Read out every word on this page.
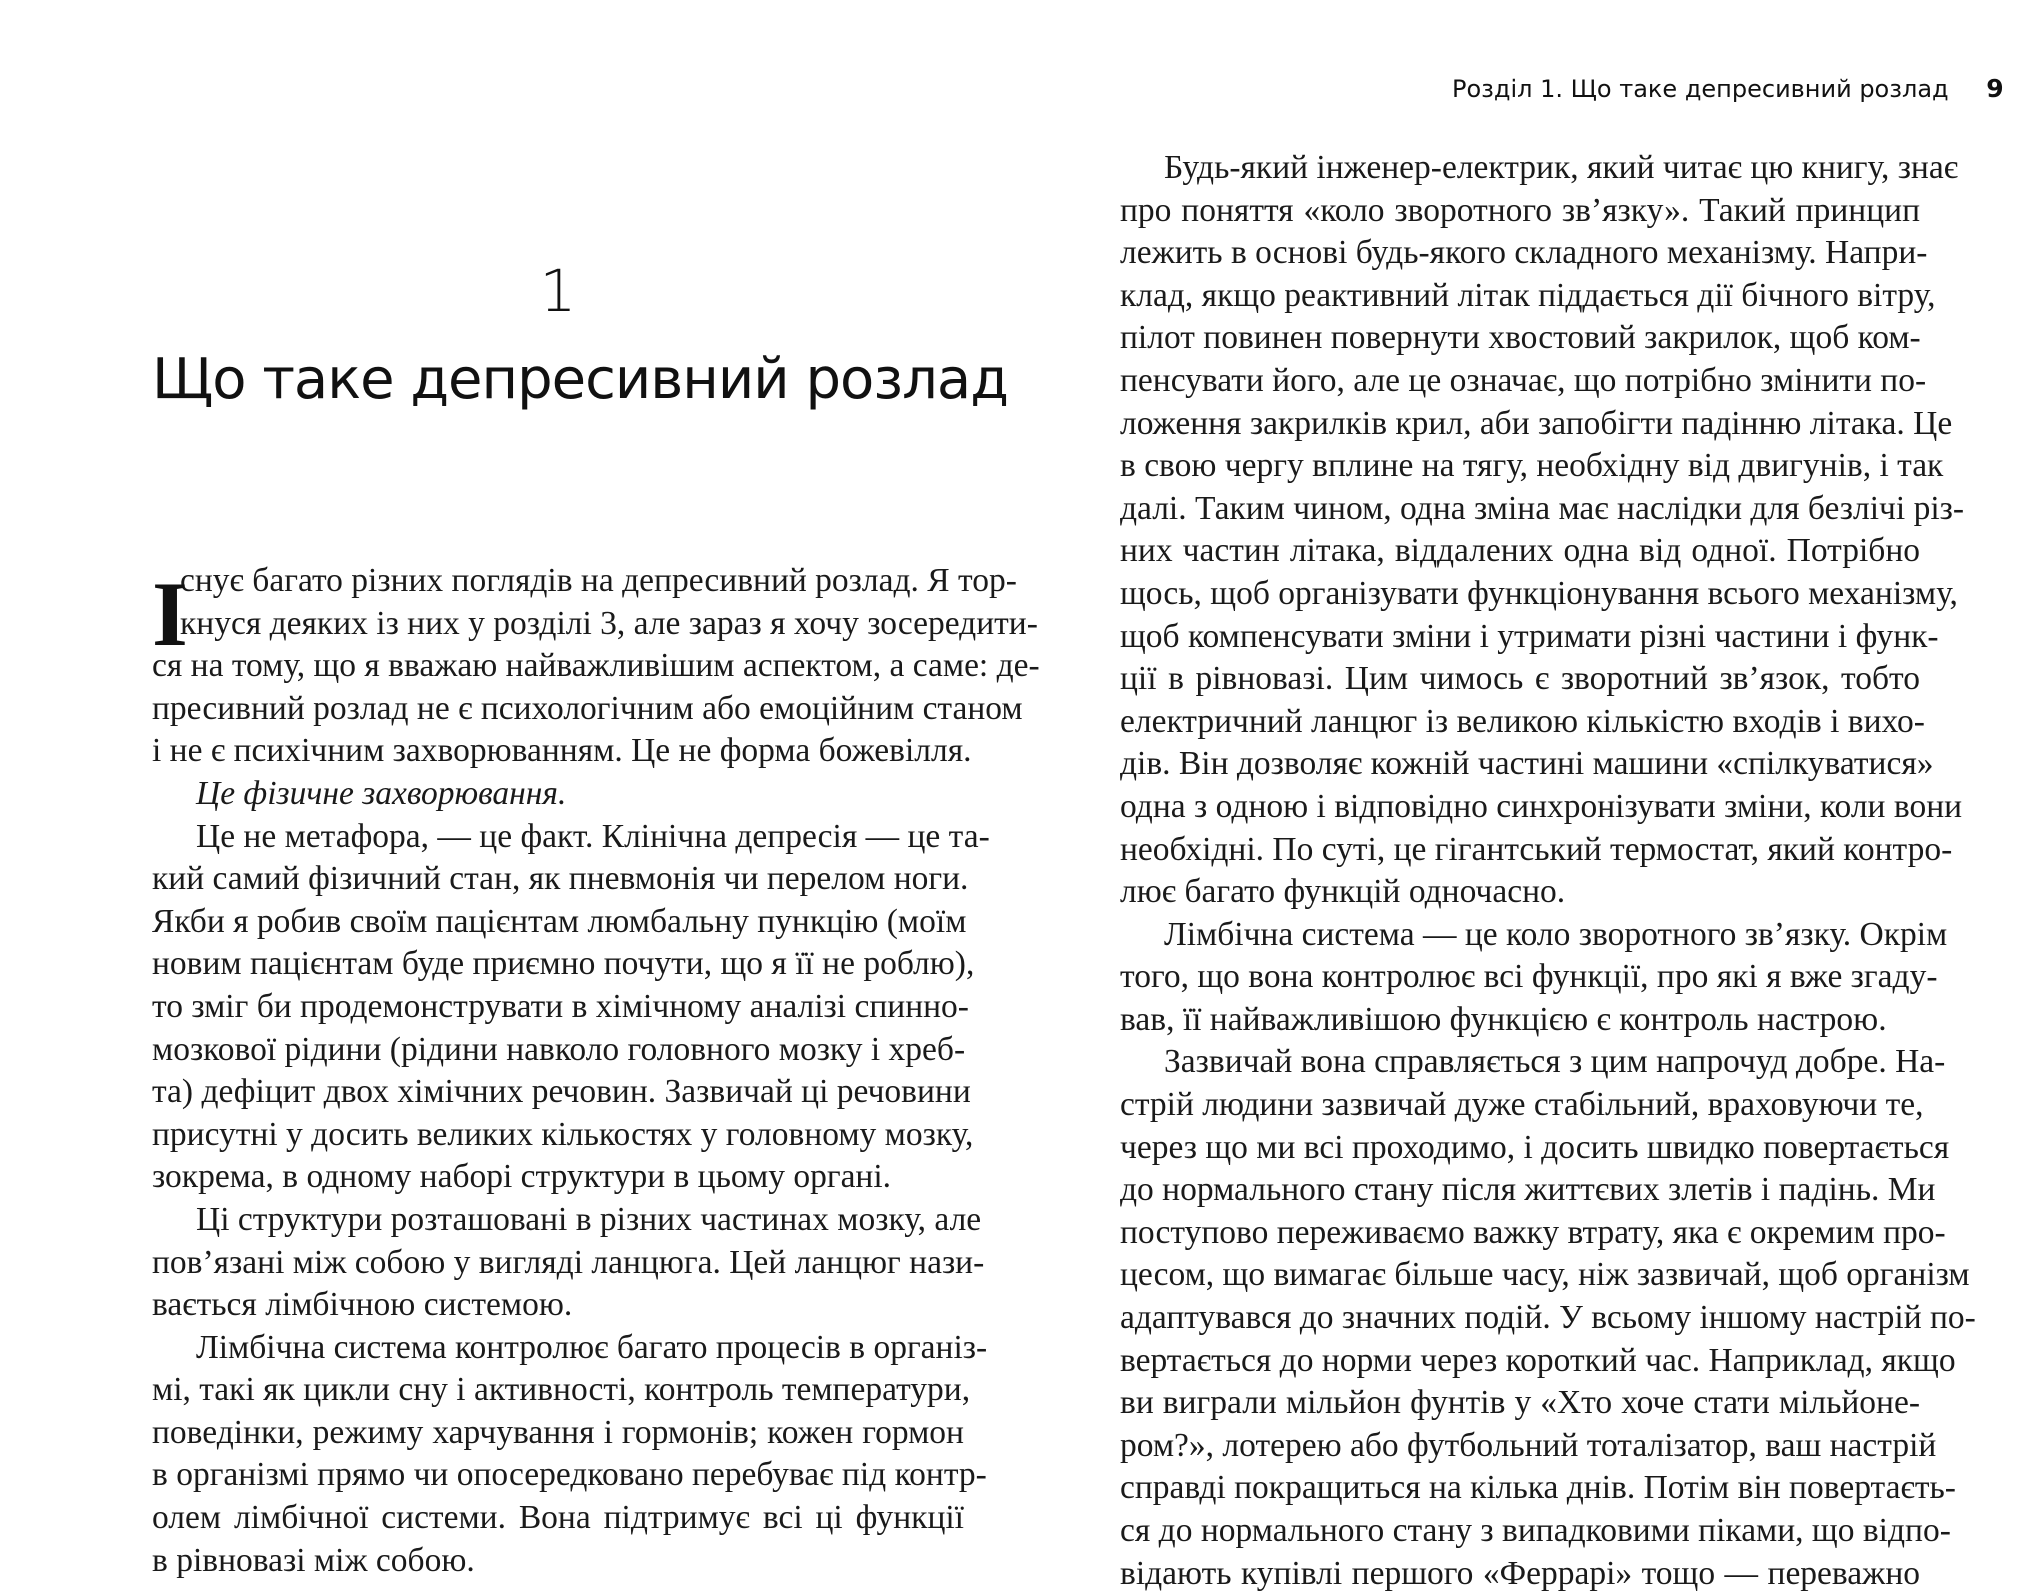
1
Що таке депресивний розлад
І
снує багато різних поглядів на депресивний розлад. Я тор-
кнуся деяких із них у розділі 3, але зараз я хочу зосередити-
ся на тому, що я вважаю найважливішим аспектом, а саме: де-
пресивний розлад не є психологічним або емоційним станом
і не є психічним захворюванням. Це не форма божевілля.
Це фізичне захворювання.
Це не метафора, — це факт. Клінічна депресія — це та-
кий самий фізичний стан, як пневмонія чи перелом ноги.
Якби я робив своїм пацієнтам люмбальну пункцію (моїм
новим пацієнтам буде приємно почути, що я її не роблю),
то зміг би продемонструвати в хімічному аналізі спинно-
мозкової рідини (рідини навколо головного мозку і хреб-
та) дефіцит двох хімічних речовин. Зазвичай ці речовини
присутні у досить великих кількостях у головному мозку,
зокрема, в одному наборі структури в цьому органі.
Ці структури розташовані в різних частинах мозку, але
пов’язані між собою у вигляді ланцюга. Цей ланцюг нази-
вається лімбічною системою.
Лімбічна система контролює багато процесів в організ-
мі, такі як цикли сну і активності, контроль температури,
поведінки, режиму харчування і гормонів; кожен гормон
в організмі прямо чи опосередковано перебуває під контр-
олем лімбічної системи. Вона підтримує всі ці функції
в рівновазі між собою.
Розділ 1. Що таке депресивний розлад 9
Будь-який інженер-електрик, який читає цю книгу, знає
про поняття «коло зворотного зв’язку». Такий принцип
лежить в основі будь-якого складного механізму. Напри-
клад, якщо реактивний літак піддається дії бічного вітру,
пілот повинен повернути хвостовий закрилок, щоб ком-
пенсувати його, але це означає, що потрібно змінити по-
ложення закрилків крил, аби запобігти падінню літака. Це
в свою чергу вплине на тягу, необхідну від двигунів, і так
далі. Таким чином, одна зміна має наслідки для безлічі різ-
них частин літака, віддалених одна від одної. Потрібно
щось, щоб організувати функціонування всього механізму,
щоб компенсувати зміни і утримати різні частини і функ-
ції в рівновазі. Цим чимось є зворотний зв’язок, тобто
електричний ланцюг із великою кількістю входів і вихо-
дів. Він дозволяє кожній частині машини «спілкуватися»
одна з одною і відповідно синхронізувати зміни, коли вони
необхідні. По суті, це гігантський термостат, який контро-
лює багато функцій одночасно.
Лімбічна система — це коло зворотного зв’язку. Окрім
того, що вона контролює всі функції, про які я вже згаду-
вав, її найважливішою функцією є контроль настрою.
Зазвичай вона справляється з цим напрочуд добре. На-
стрій людини зазвичай дуже стабільний, враховуючи те,
через що ми всі проходимо, і досить швидко повертається
до нормального стану після життєвих злетів і падінь. Ми
поступово переживаємо важку втрату, яка є окремим про-
цесом, що вимагає більше часу, ніж зазвичай, щоб організм
адаптувався до значних подій. У всьому іншому настрій по-
вертається до норми через короткий час. Наприклад, якщо
ви виграли мільйон фунтів у «Хто хоче стати мільйоне-
ром?», лотерею або футбольний тоталізатор, ваш настрій
справді покращиться на кілька днів. Потім він повертаєть-
ся до нормального стану з випадковими піками, що відпо-
відають купівлі першого «Феррарі» тощо — переважно
